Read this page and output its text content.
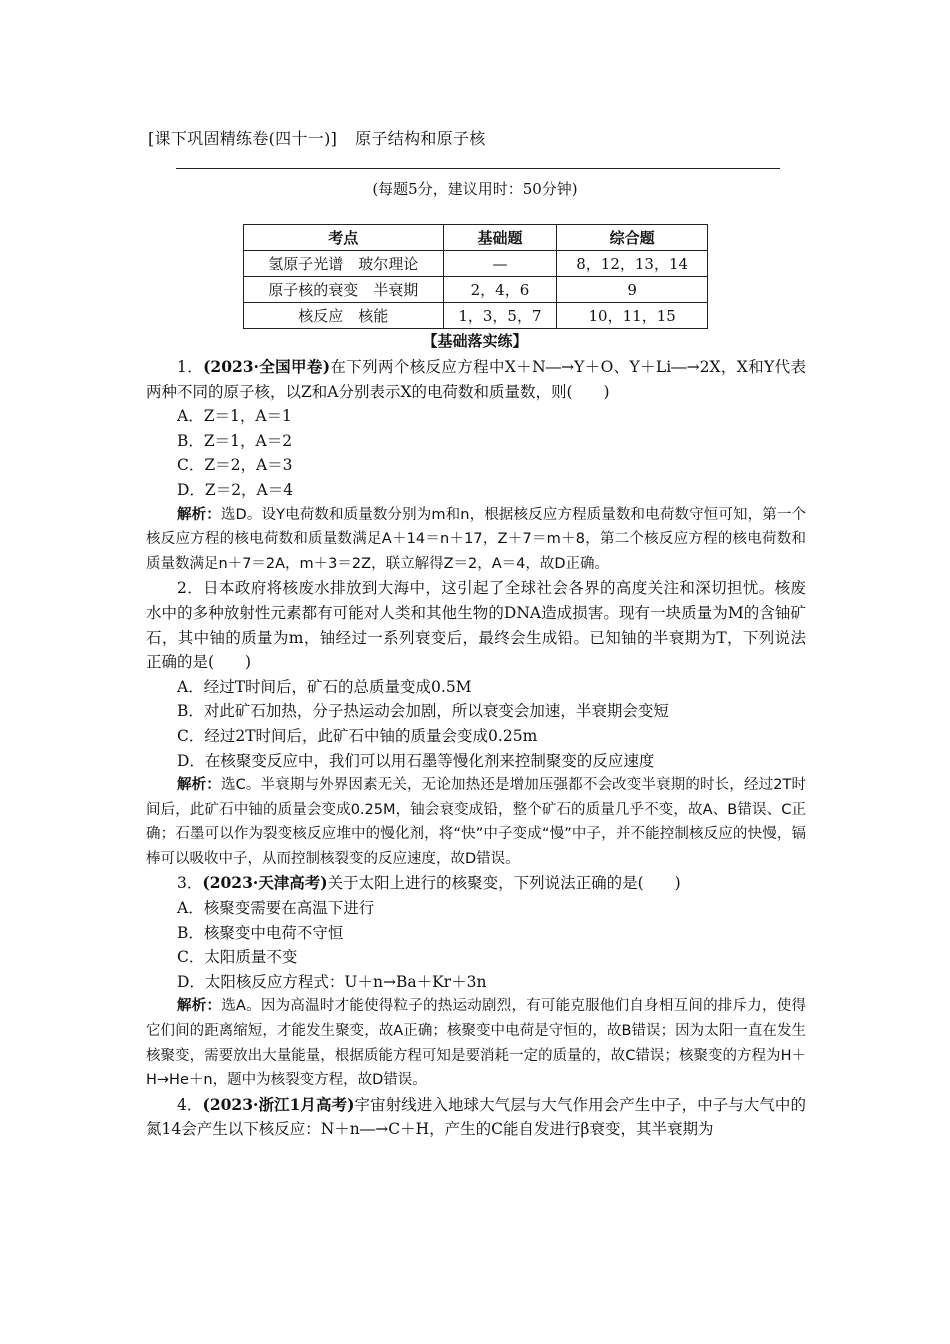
[课下巩固精练卷(四十一)] 原子结构和原子核
(每题5分，建议用时：50分钟)
考点	基础题	综合题
氢原子光谱　玻尔理论	—	8，12，13，14
原子核的衰变　半衰期	2，4，6	9
核反应　核能	1，3，5，7	10，11，15
【基础落实练】

1．(2023·全国甲卷)在下列两个核反应方程中X＋N―→Y＋O、Y＋Li―→2X，X和Y代表两种不同的原子核，以Z和A分别表示X的电荷数和质量数，则(　　)

A．Z＝1，A＝1

B．Z＝1，A＝2

C．Z＝2，A＝3

D．Z＝2，A＝4

解析：选D。设Y电荷数和质量数分别为m和n，根据核反应方程质量数和电荷数守恒可知，第一个核反应方程的核电荷数和质量数满足A＋14＝n＋17，Z＋7＝m＋8，第二个核反应方程的核电荷数和质量数满足n＋7＝2A，m＋3＝2Z，联立解得Z＝2，A＝4，故D正确。

2．日本政府将核废水排放到大海中，这引起了全球社会各界的高度关注和深切担忧。核废水中的多种放射性元素都有可能对人类和其他生物的DNA造成损害。现有一块质量为M的含铀矿石，其中铀的质量为m，铀经过一系列衰变后，最终会生成铅。已知铀的半衰期为T，下列说法正确的是(　　)

A．经过T时间后，矿石的总质量变成0.5M

B．对此矿石加热，分子热运动会加剧，所以衰变会加速，半衰期会变短

C．经过2T时间后，此矿石中铀的质量会变成0.25m

D．在核聚变反应中，我们可以用石墨等慢化剂来控制聚变的反应速度

解析：选C。半衰期与外界因素无关，无论加热还是增加压强都不会改变半衰期的时长，经过2T时间后，此矿石中铀的质量会变成0.25M，铀会衰变成铅，整个矿石的质量几乎不变，故A、B错误、C正确；石墨可以作为裂变核反应堆中的慢化剂，将“快”中子变成“慢”中子，并不能控制核反应的快慢，镉棒可以吸收中子，从而控制核裂变的反应速度，故D错误。

3．(2023·天津高考)关于太阳上进行的核聚变，下列说法正确的是(　　)

A．核聚变需要在高温下进行

B．核聚变中电荷不守恒

C．太阳质量不变

D．太阳核反应方程式：U＋n→Ba＋Kr＋3n

解析：选A。因为高温时才能使得粒子的热运动剧烈，有可能克服他们自身相互间的排斥力，使得它们间的距离缩短，才能发生聚变，故A正确；核聚变中电荷是守恒的，故B错误；因为太阳一直在发生核聚变，需要放出大量能量，根据质能方程可知是要消耗一定的质量的，故C错误；核聚变的方程为H＋H→He＋n，题中为核裂变方程，故D错误。

4．(2023·浙江1月高考)宇宙射线进入地球大气层与大气作用会产生中子，中子与大气中的氮14会产生以下核反应：N＋n―→C＋H，产生的C能自发进行β衰变，其半衰期为
